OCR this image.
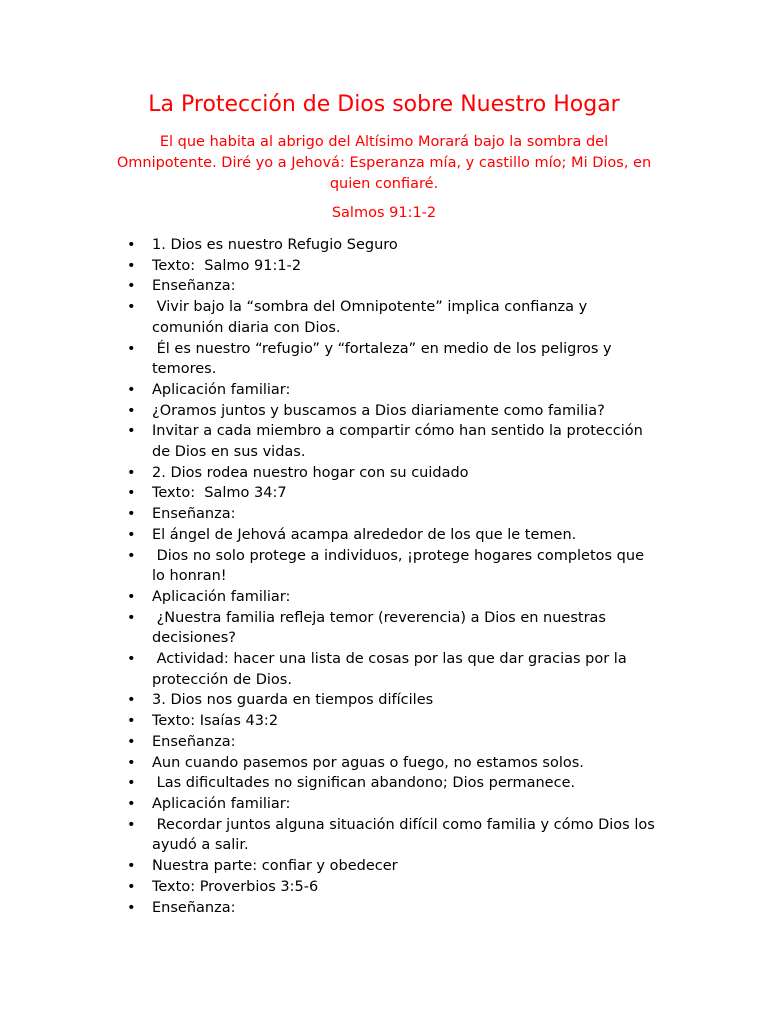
La Protección de Dios sobre Nuestro Hogar

El que habita al abrigo del Altísimo Morará bajo la sombra del Omnipotente. Diré yo a Jehová: Esperanza mía, y castillo mío; Mi Dios, en quien confiaré.

Salmos 91:1-2

• 1. Dios es nuestro Refugio Seguro
• Texto:  Salmo 91:1-2
• Enseñanza:
•  Vivir bajo la “sombra del Omnipotente” implica confianza y comunión diaria con Dios.
•  Él es nuestro “refugio” y “fortaleza” en medio de los peligros y temores.
• Aplicación familiar:
• ¿Oramos juntos y buscamos a Dios diariamente como familia?
• Invitar a cada miembro a compartir cómo han sentido la protección de Dios en sus vidas.
• 2. Dios rodea nuestro hogar con su cuidado
• Texto:  Salmo 34:7
• Enseñanza:
• El ángel de Jehová acampa alrededor de los que le temen.
•  Dios no solo protege a individuos, ¡protege hogares completos que lo honran!
• Aplicación familiar:
•  ¿Nuestra familia refleja temor (reverencia) a Dios en nuestras decisiones?
•  Actividad: hacer una lista de cosas por las que dar gracias por la protección de Dios.
• 3. Dios nos guarda en tiempos difíciles
• Texto: Isaías 43:2
• Enseñanza:
• Aun cuando pasemos por aguas o fuego, no estamos solos.
•  Las dificultades no significan abandono; Dios permanece.
• Aplicación familiar:
•  Recordar juntos alguna situación difícil como familia y cómo Dios los ayudó a salir.
• Nuestra parte: confiar y obedecer
• Texto: Proverbios 3:5-6
• Enseñanza:
